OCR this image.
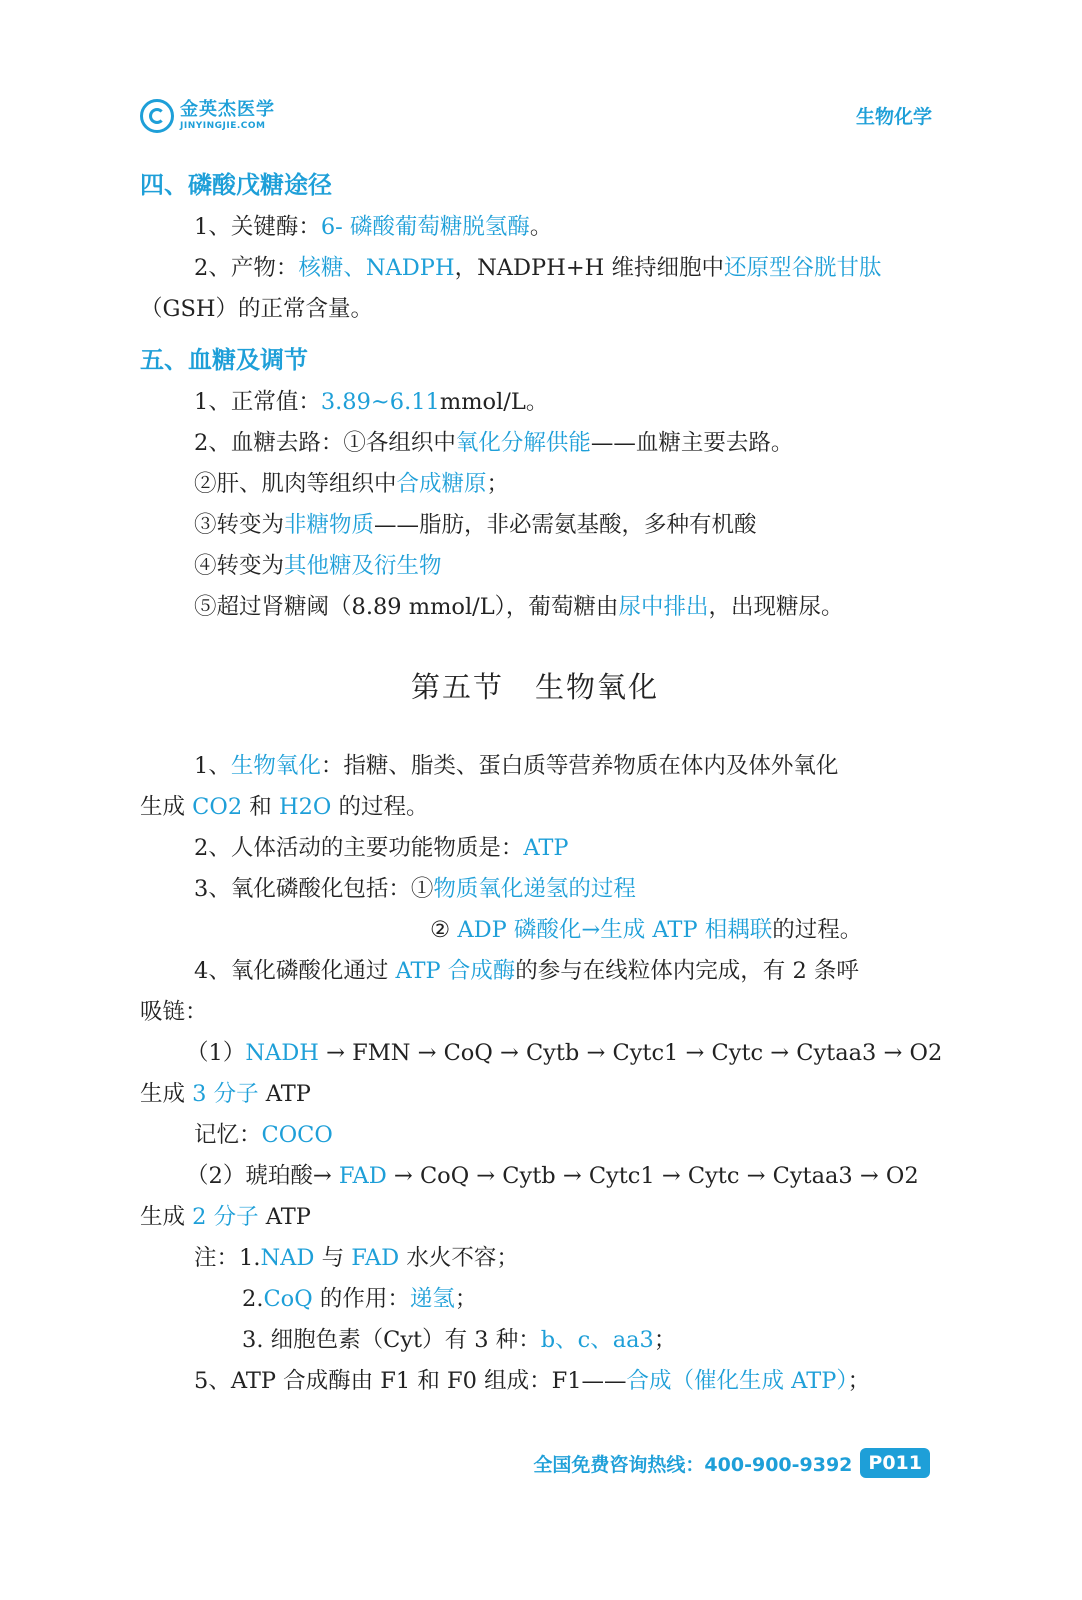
金英杰医学
JINYINGJIE.COM	生物化学
四、磷酸戊糖途径
1、关键酶：6- 磷酸葡萄糖脱氢酶。
2、产物：核糖、NADPH，NADPH+H 维持细胞中还原型谷胱甘肽
（GSH）的正常含量。
五、血糖及调节
1、正常值：3.89~6.11mmol/L。
2、血糖去路：①各组织中氧化分解供能——血糖主要去路。
②肝、肌肉等组织中合成糖原；
③转变为非糖物质——脂肪，非必需氨基酸，多种有机酸
④转变为其他糖及衍生物
⑤超过肾糖阈（8.89 mmol/L），葡萄糖由尿中排出，出现糖尿。
第五节　生物氧化
1、生物氧化：指糖、脂类、蛋白质等营养物质在体内及体外氧化
生成 CO2 和 H2O 的过程。
2、人体活动的主要功能物质是：ATP
3、氧化磷酸化包括：①物质氧化递氢的过程
② ADP 磷酸化→生成 ATP 相耦联的过程。
4、氧化磷酸化通过 ATP 合成酶的参与在线粒体内完成，有 2 条呼
吸链：
（1）NADH → FMN → CoQ → Cytb → Cytc1 → Cytc → Cytaa3 → O2
生成 3 分子 ATP
记忆：COCO
（2）琥珀酸→ FAD → CoQ → Cytb → Cytc1 → Cytc → Cytaa3 → O2
生成 2 分子 ATP
注：1.NAD 与 FAD 水火不容；
2.CoQ 的作用：递氢；
3. 细胞色素（Cyt）有 3 种：b、c、aa3；
5、ATP 合成酶由 F1 和 F0 组成：F1——合成（催化生成 ATP）；
全国免费咨询热线：400-900-9392 P011
